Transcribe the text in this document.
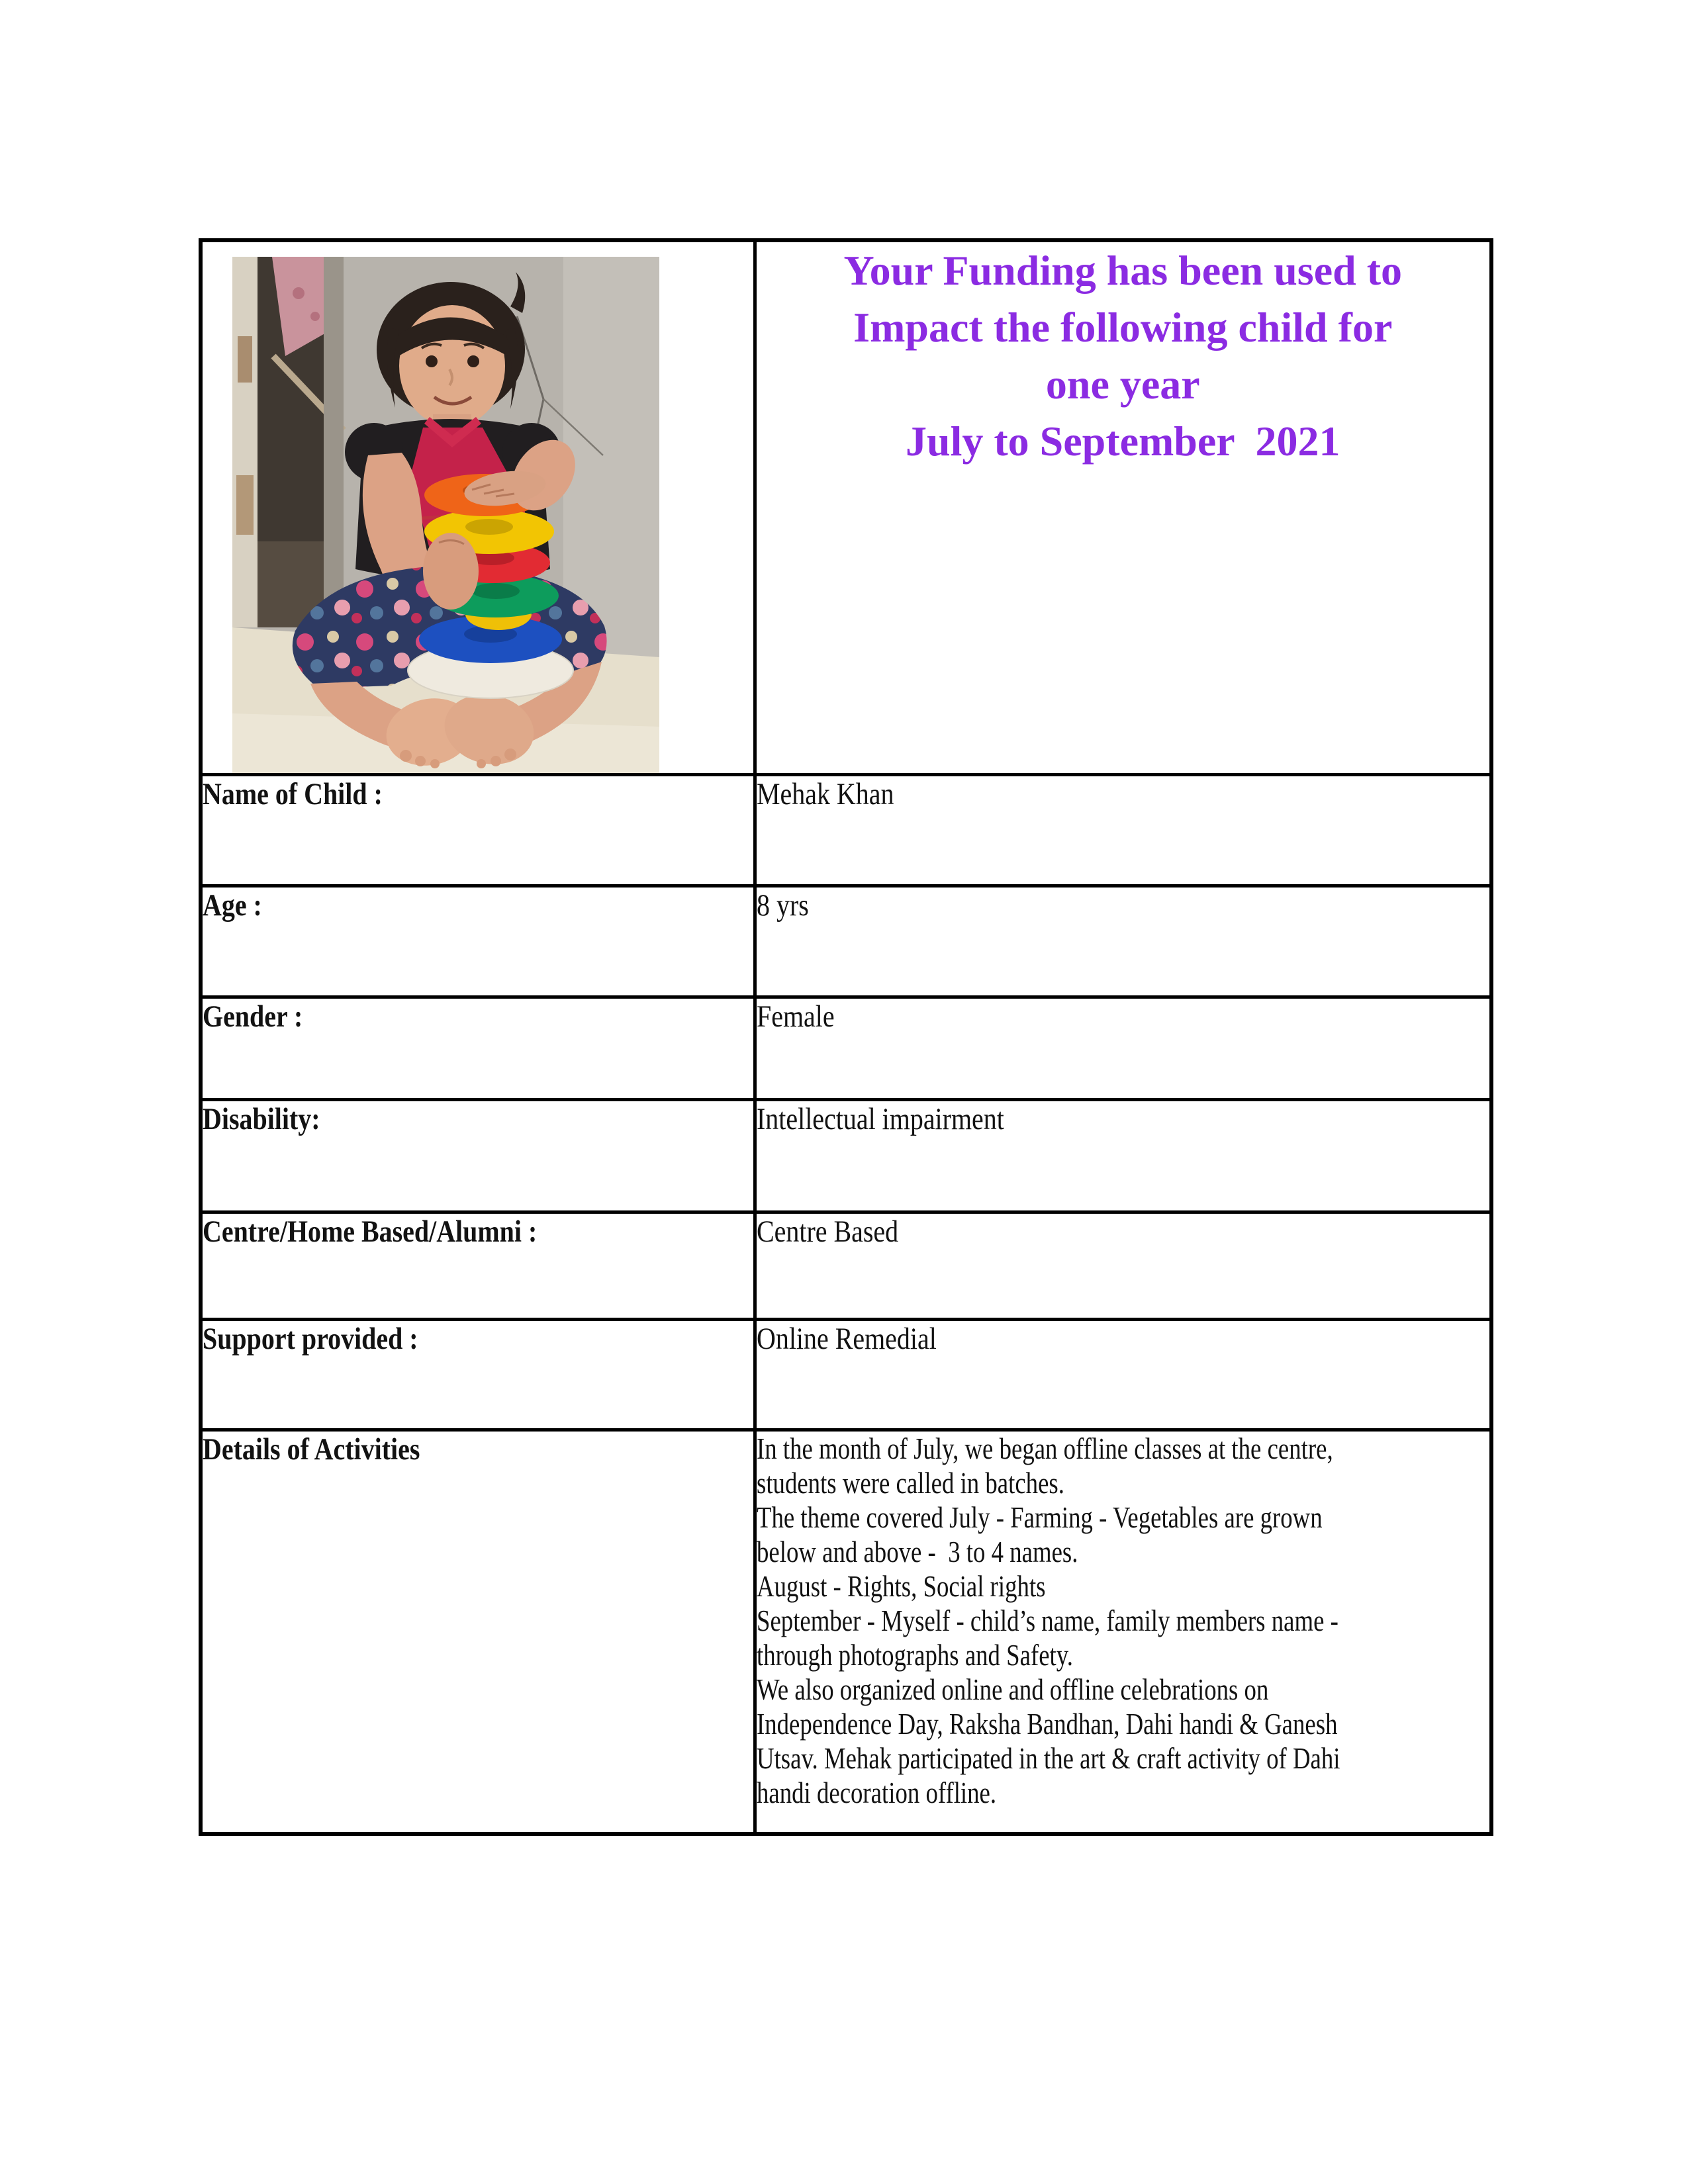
Your Funding has been used to
Impact the following child for
one year
July to September  2021

Name of Child :	Mehak Khan

Age :	8 yrs

Gender :	Female

Disability:	Intellectual impairment

Centre/Home Based/Alumni :	Centre Based

Support provided :	Online Remedial

Details of Activities	In the month of July, we began offline classes at the centre,
students were called in batches.
The theme covered July - Farming - Vegetables are grown
below and above -  3 to 4 names.
August - Rights, Social rights
September - Myself - child’s name, family members name -
through photographs and Safety.
We also organized online and offline celebrations on
Independence Day, Raksha Bandhan, Dahi handi & Ganesh
Utsav. Mehak participated in the art & craft activity of Dahi
handi decoration offline.
